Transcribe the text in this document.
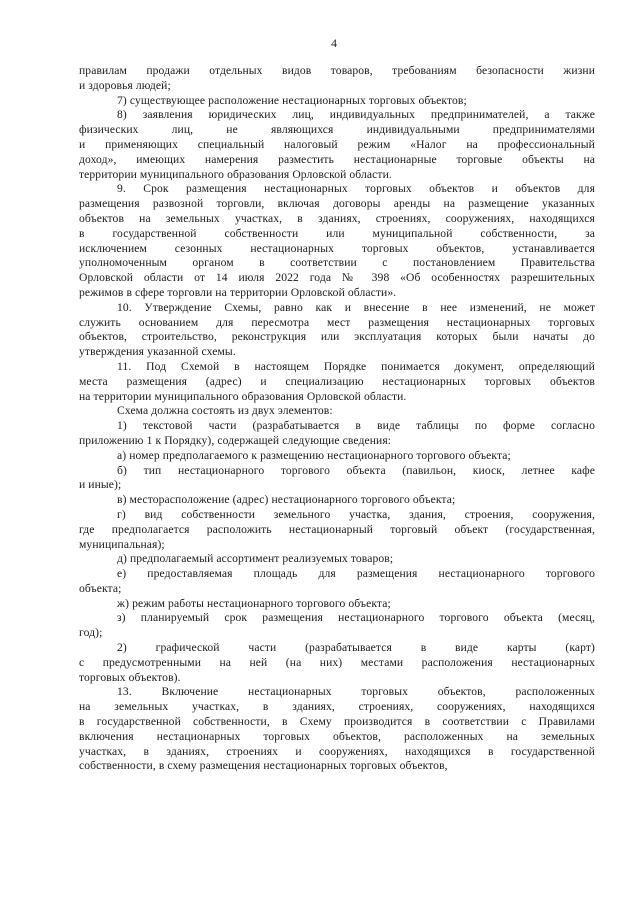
4
правилам продажи отдельных видов товаров, требованиям безопасности жизни
и здоровья людей;
7) существующее расположение нестационарных торговых объектов;
8) заявления юридических лиц, индивидуальных предпринимателей, а также
физических лиц, не являющихся индивидуальными предпринимателями
и применяющих специальный налоговый режим «Налог на профессиональный
доход», имеющих намерения разместить нестационарные торговые объекты на
территории муниципального образования Орловской области.
9. Срок размещения нестационарных торговых объектов и объектов для
размещения развозной торговли, включая договоры аренды на размещение указанных
объектов на земельных участках, в зданиях, строениях, сооружениях, находящихся
в государственной собственности или муниципальной собственности, за
исключением сезонных нестационарных торговых объектов, устанавливается
уполномоченным органом в соответствии с постановлением Правительства
Орловской области от 14 июля 2022 года № 398 «Об особенностях разрешительных
режимов в сфере торговли на территории Орловской области».
10. Утверждение Схемы, равно как и внесение в нее изменений, не может
служить основанием для пересмотра мест размещения нестационарных торговых
объектов, строительство, реконструкция или эксплуатация которых были начаты до
утверждения указанной схемы.
11. Под Схемой в настоящем Порядке понимается документ, определяющий
места размещения (адрес) и специализацию нестационарных торговых объектов
на территории муниципального образования Орловской области.
Схема должна состоять из двух элементов:
1) текстовой части (разрабатывается в виде таблицы по форме согласно
приложению 1 к Порядку), содержащей следующие сведения:
а) номер предполагаемого к размещению нестационарного торгового объекта;
б) тип нестационарного торгового объекта (павильон, киоск, летнее кафе
и иные);
в) месторасположение (адрес) нестационарного торгового объекта;
г) вид собственности земельного участка, здания, строения, сооружения,
где предполагается расположить нестационарный торговый объект (государственная,
муниципальная);
д) предполагаемый ассортимент реализуемых товаров;
е) предоставляемая площадь для размещения нестационарного торгового
объекта;
ж) режим работы нестационарного торгового объекта;
з) планируемый срок размещения нестационарного торгового объекта (месяц,
год);
2) графической части (разрабатывается в виде карты (карт)
с предусмотренными на ней (на них) местами расположения нестационарных
торговых объектов).
13. Включение нестационарных торговых объектов, расположенных
на земельных участках, в зданиях, строениях, сооружениях, находящихся
в государственной собственности, в Схему производится в соответствии с Правилами
включения нестационарных торговых объектов, расположенных на земельных
участках, в зданиях, строениях и сооружениях, находящихся в государственной
собственности, в схему размещения нестационарных торговых объектов,
